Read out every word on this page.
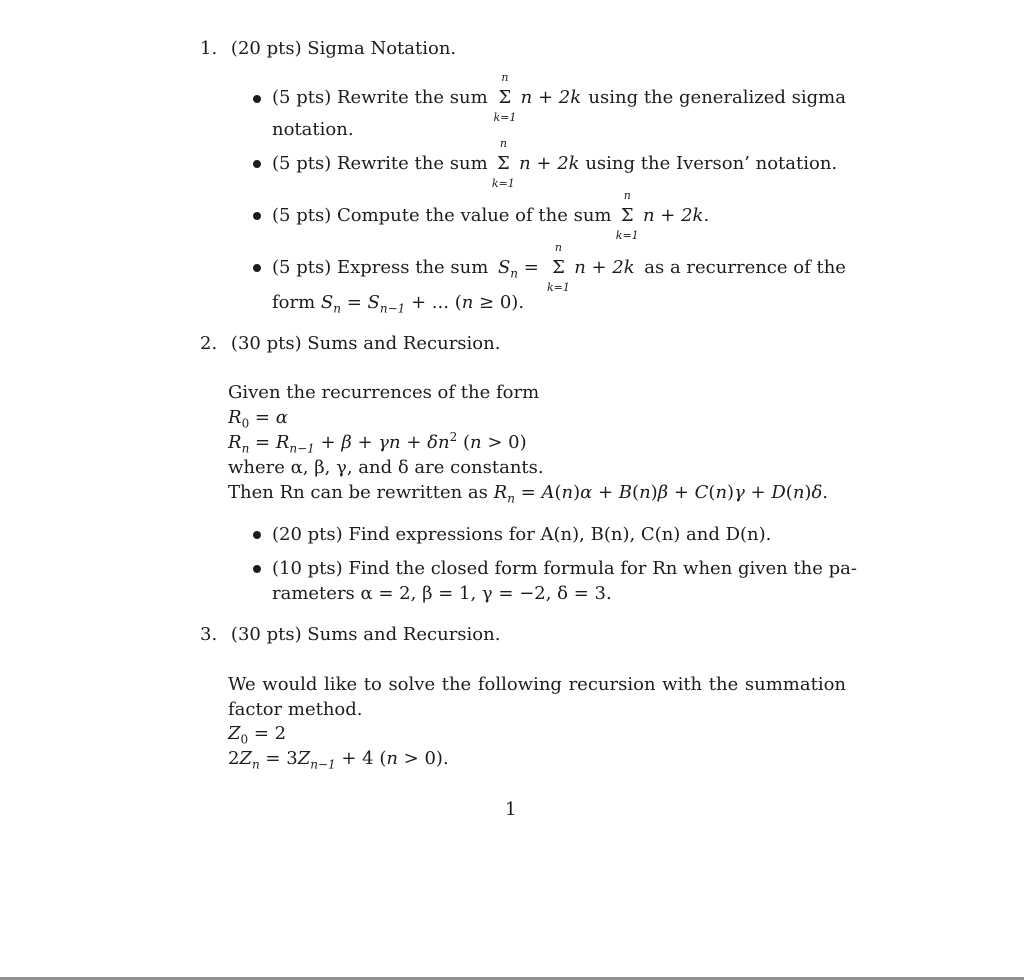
1. (20 pts) Sigma Notation.
(5 pts) Rewrite the sum
n
Σ
k=1
n + 2k using the generalized sigma
notation.
(5 pts) Rewrite the sum
n
Σ
k=1
n + 2k using the Iverson’ notation.
(5 pts) Compute the value of the sum
n
Σ
k=1
n + 2k.
(5 pts) Express the sum $S_n$ =
n
Σ
k=1
n + 2k as a recurrence of the
form $S_n = S_{n-1}$ + ... (n ≥ 0).
2. (30 pts) Sums and Recursion.
Given the recurrences of the form
$R_0 = \alpha$
$R_n = R_{n-1} + \beta + \gamma n + \delta n^2$ (n > 0)
where α, β, γ, and δ are constants.
Then Rn can be rewritten as $R_n = A(n)\alpha + B(n)\beta + C(n)\gamma + D(n)\delta$.
(20 pts) Find expressions for A(n), B(n), C(n) and D(n).
(10 pts) Find the closed form formula for Rn when given the pa-
rameters α = 2, β = 1, γ = −2, δ = 3.
3. (30 pts) Sums and Recursion.
We would like to solve the following recursion with the summation
factor method.
$Z_0 = 2$
$2Z_n = 3Z_{n-1} + 4$ (n > 0).
1
